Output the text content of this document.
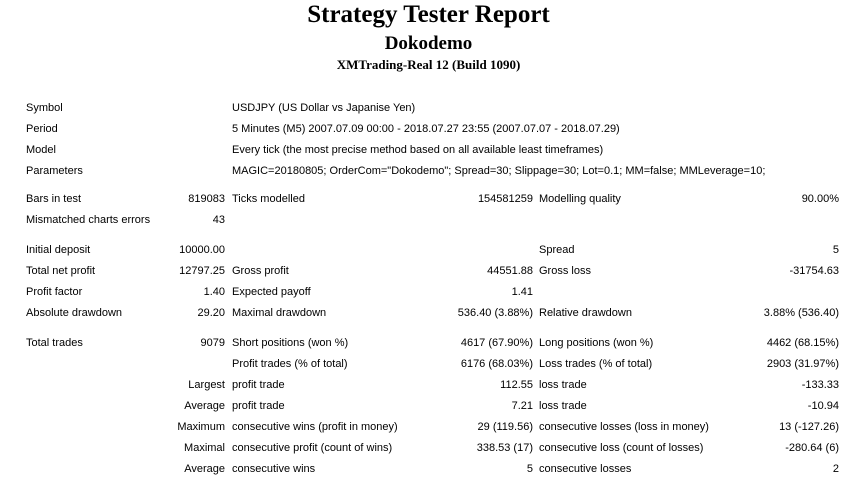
Strategy Tester Report
Dokodemo
XMTrading-Real 12 (Build 1090)
Symbol	USDJPY (US Dollar vs Japanise Yen)
Period	5 Minutes (M5) 2007.07.09 00:00 - 2018.07.27 23:55 (2007.07.07 - 2018.07.29)
Model	Every tick (the most precise method based on all available least timeframes)
Parameters	MAGIC=20180805; OrderCom="Dokodemo"; Spread=30; Slippage=30; Lot=0.1; MM=false; MMLeverage=10;
Bars in test	819083 Ticks modelled	154581259 Modelling quality	90.00%
Mismatched charts errors	43
Initial deposit	10000.00	Spread	5
Total net profit	12797.25 Gross profit	44551.88 Gross loss	-31754.63
Profit factor	1.40 Expected payoff	1.41
Absolute drawdown	29.20 Maximal drawdown	536.40 (3.88%) Relative drawdown	3.88% (536.40)
Total trades	9079 Short positions (won %)	4617 (67.90%) Long positions (won %)	4462 (68.15%)
Profit trades (% of total)	6176 (68.03%) Loss trades (% of total)	2903 (31.97%)
Largest profit trade	112.55 loss trade	-133.33
Average profit trade	7.21 loss trade	-10.94
Maximum consecutive wins (profit in money)	29 (119.56) consecutive losses (loss in money)	13 (-127.26)
Maximal consecutive profit (count of wins)	338.53 (17) consecutive loss (count of losses)	-280.64 (6)
Average consecutive wins	5 consecutive losses	2
